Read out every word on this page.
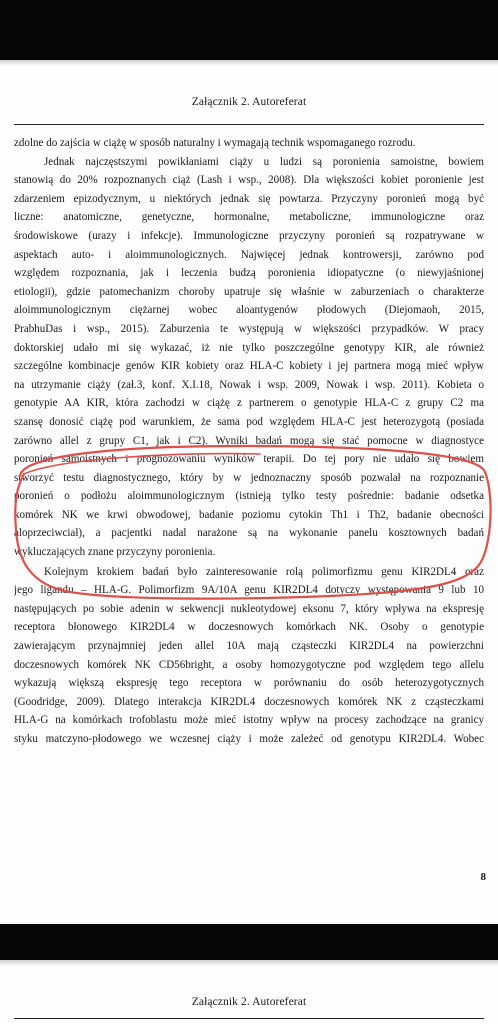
Załącznik 2. Autoreferat
zdolne do zajścia w ciążę w sposób naturalny i wymagają technik wspomaganego rozrodu.
Jednak najczęstszymi powikłaniami ciąży u ludzi są poronienia samoistne, bowiem
stanowią do 20% rozpoznanych ciąż (Lash i wsp., 2008). Dla większości kobiet poronienie jest
zdarzeniem epizodycznym, u niektórych jednak się powtarza. Przyczyny poronień mogą być
liczne: anatomiczne, genetyczne, hormonalne, metaboliczne, immunologiczne oraz
środowiskowe (urazy i infekcje). Immunologiczne przyczyny poronień są rozpatrywane w
aspektach auto- i aloimmunologicznych. Najwięcej jednak kontrowersji, zarówno pod
względem rozpoznania, jak i leczenia budzą poronienia idiopatyczne (o niewyjaśnionej
etiologii), gdzie patomechanizm choroby upatruje się właśnie w zaburzeniach o charakterze
aloimmunologicznym ciężarnej wobec aloantygenów płodowych (Diejomaoh, 2015,
PrabhuDas i wsp., 2015). Zaburzenia te występują w większości przypadków. W pracy
doktorskiej udało mi się wykazać, iż nie tylko poszczególne genotypy KIR, ale również
szczególne kombinacje genów KIR kobiety oraz HLA-C kobiety i jej partnera mogą mieć wpływ
na utrzymanie ciąży (zał.3, konf. X.I.18, Nowak i wsp. 2009, Nowak i wsp. 2011). Kobieta o
genotypie AA KIR, która zachodzi w ciążę z partnerem o genotypie HLA-C z grupy C2 ma
szansę donosić ciążę pod warunkiem, że sama pod względem HLA-C jest heterozygotą (posiada
zarówno allel z grupy C1, jak i C2). Wyniki badań mogą się stać pomocne w diagnostyce
poronień samoistnych i prognozowaniu wyników terapii. Do tej pory nie udało się bowiem
stworzyć testu diagnostycznego, który by w jednoznaczny sposób pozwalał na rozpoznanie
poronień o podłożu aloimmunologicznym (istnieją tylko testy pośrednie: badanie odsetka
komórek NK we krwi obwodowej, badanie poziomu cytokin Th1 i Th2, badanie obecności
aloprzeciwciał), a pacjentki nadal narażone są na wykonanie panelu kosztownych badań
wykluczających znane przyczyny poronienia.
Kolejnym krokiem badań było zainteresowanie rolą polimorfizmu genu KIR2DL4 oraz
jego ligandu – HLA-G. Polimorfizm 9A/10A genu KIR2DL4 dotyczy występowania 9 lub 10
następujących po sobie adenin w sekwencji nukleotydowej eksonu 7, który wpływa na ekspresję
receptora błonowego KIR2DL4 w doczesnowych komórkach NK. Osoby o genotypie
zawierającym przynajmniej jeden allel 10A mają cząsteczki KIR2DL4 na powierzchni
doczesnowych komórek NK CD56bright, a osoby homozygotyczne pod względem tego allelu
wykazują większą ekspresję tego receptora w porównaniu do osób heterozygotycznych
(Goodridge, 2009). Dlatego interakcja KIR2DL4 doczesnowych komórek NK z cząsteczkami
HLA-G na komórkach trofoblastu może mieć istotny wpływ na procesy zachodzące na granicy
styku matczyno-płodowego we wczesnej ciąży i może zależeć od genotypu KIR2DL4. Wobec
8
Załącznik 2. Autoreferat
